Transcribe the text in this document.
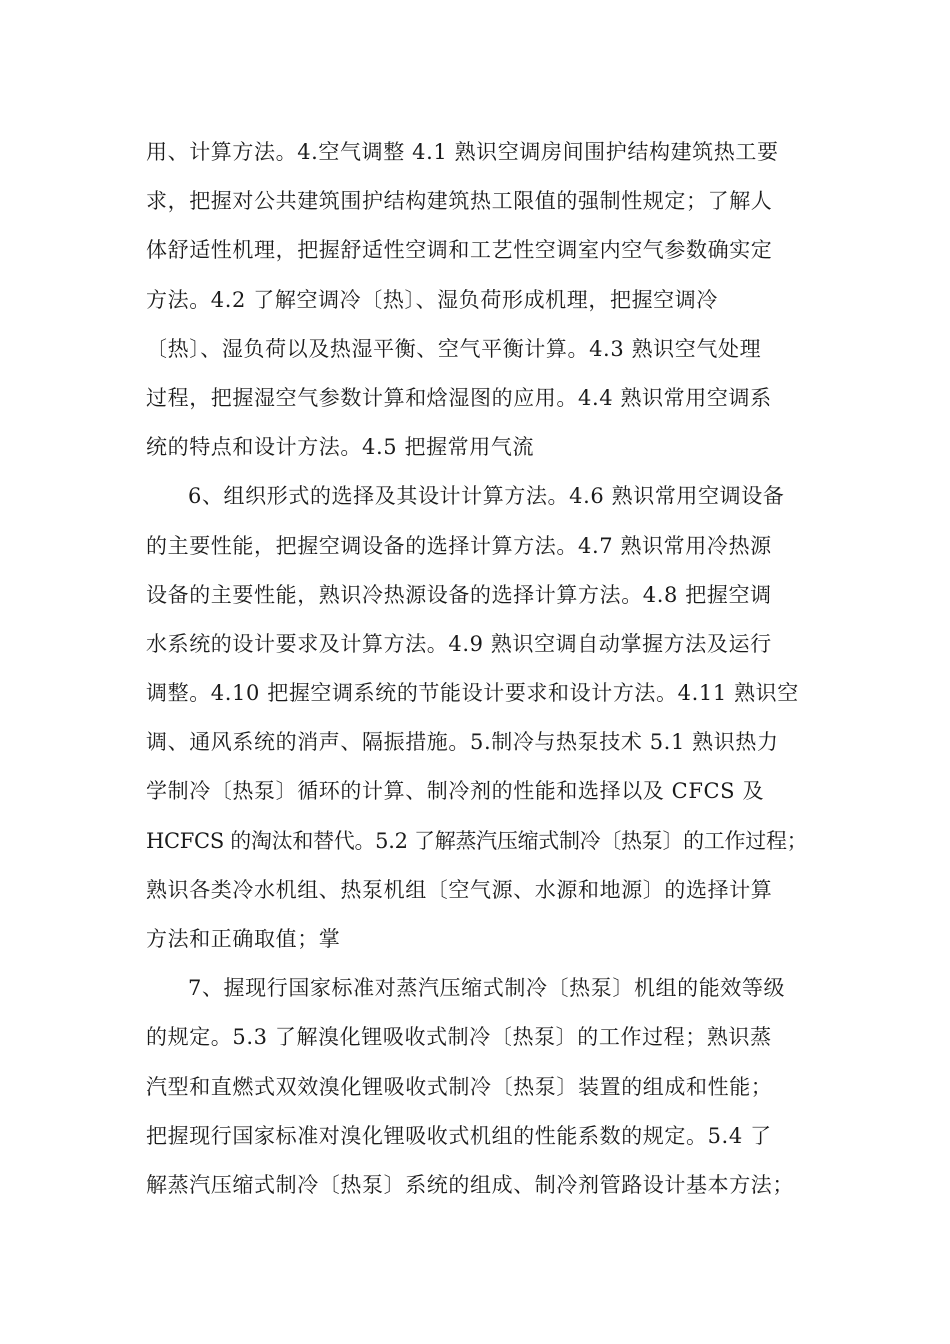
用、计算方法。4.空气调整 4.1 熟识空调房间围护结构建筑热工要
求，把握对公共建筑围护结构建筑热工限值的强制性规定；了解人
体舒适性机理，把握舒适性空调和工艺性空调室内空气参数确实定
方法。4.2 了解空调冷〔热〕、湿负荷形成机理，把握空调冷
〔热〕、湿负荷以及热湿平衡、空气平衡计算。4.3 熟识空气处理
过程，把握湿空气参数计算和焓湿图的应用。4.4 熟识常用空调系
统的特点和设计方法。4.5 把握常用气流
6、组织形式的选择及其设计计算方法。4.6 熟识常用空调设备
的主要性能，把握空调设备的选择计算方法。4.7 熟识常用冷热源
设备的主要性能，熟识冷热源设备的选择计算方法。4.8 把握空调
水系统的设计要求及计算方法。4.9 熟识空调自动掌握方法及运行
调整。4.10 把握空调系统的节能设计要求和设计方法。4.11 熟识空
调、通风系统的消声、隔振措施。5.制冷与热泵技术 5.1 熟识热力
学制冷〔热泵〕循环的计算、制冷剂的性能和选择以及 CFCS 及
HCFCS 的淘汰和替代。5.2 了解蒸汽压缩式制冷〔热泵〕的工作过程；
熟识各类冷水机组、热泵机组〔空气源、水源和地源〕的选择计算
方法和正确取值；掌
7、握现行国家标准对蒸汽压缩式制冷〔热泵〕机组的能效等级
的规定。5.3 了解溴化锂吸收式制冷〔热泵〕的工作过程；熟识蒸
汽型和直燃式双效溴化锂吸收式制冷〔热泵〕装置的组成和性能；
把握现行国家标准对溴化锂吸收式机组的性能系数的规定。5.4 了
解蒸汽压缩式制冷〔热泵〕系统的组成、制冷剂管路设计基本方法；
